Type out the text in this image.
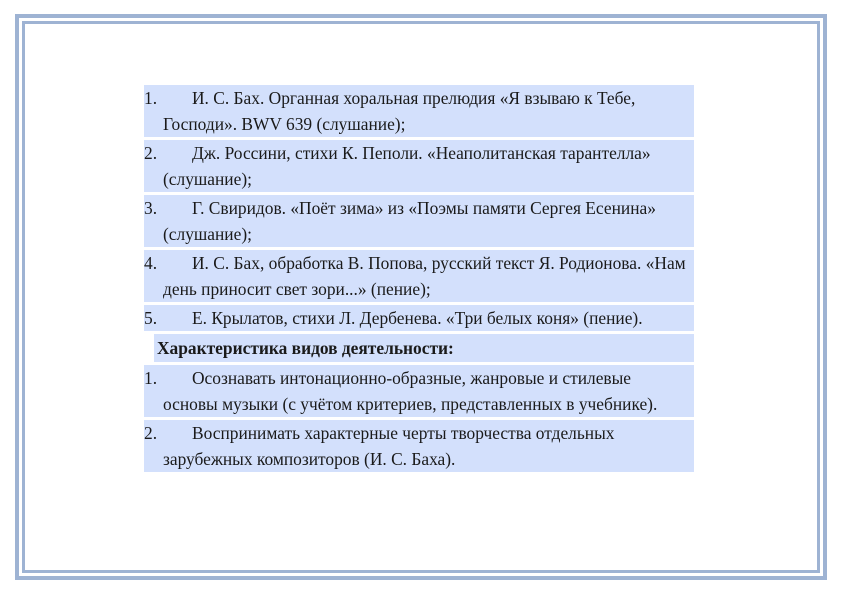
1.	И. С. Бах. Органная хоральная прелюдия «Я взываю к Тебе, Господи». BWV 639 (слушание);
2.	Дж. Россини, стихи К. Пеполи. «Неаполитанская тарантелла» (слушание);
3.	Г. Свиридов. «Поёт зима» из «Поэмы памяти Сергея Есенина» (слушание);
4.	И. С. Бах, обработка В. Попова, русский текст Я. Родионова. «Нам день приносит свет зори...» (пение);
5.	Е. Крылатов, стихи Л. Дербенева. «Три белых коня» (пение).
Характеристика видов деятельности:
1.	Осознавать интонационно-образные, жанровые и стилевые основы музыки (с учётом критериев, представленных в учебнике).
2.	Воспринимать характерные черты творчества отдельных зарубежных композиторов (И. С. Баха).
